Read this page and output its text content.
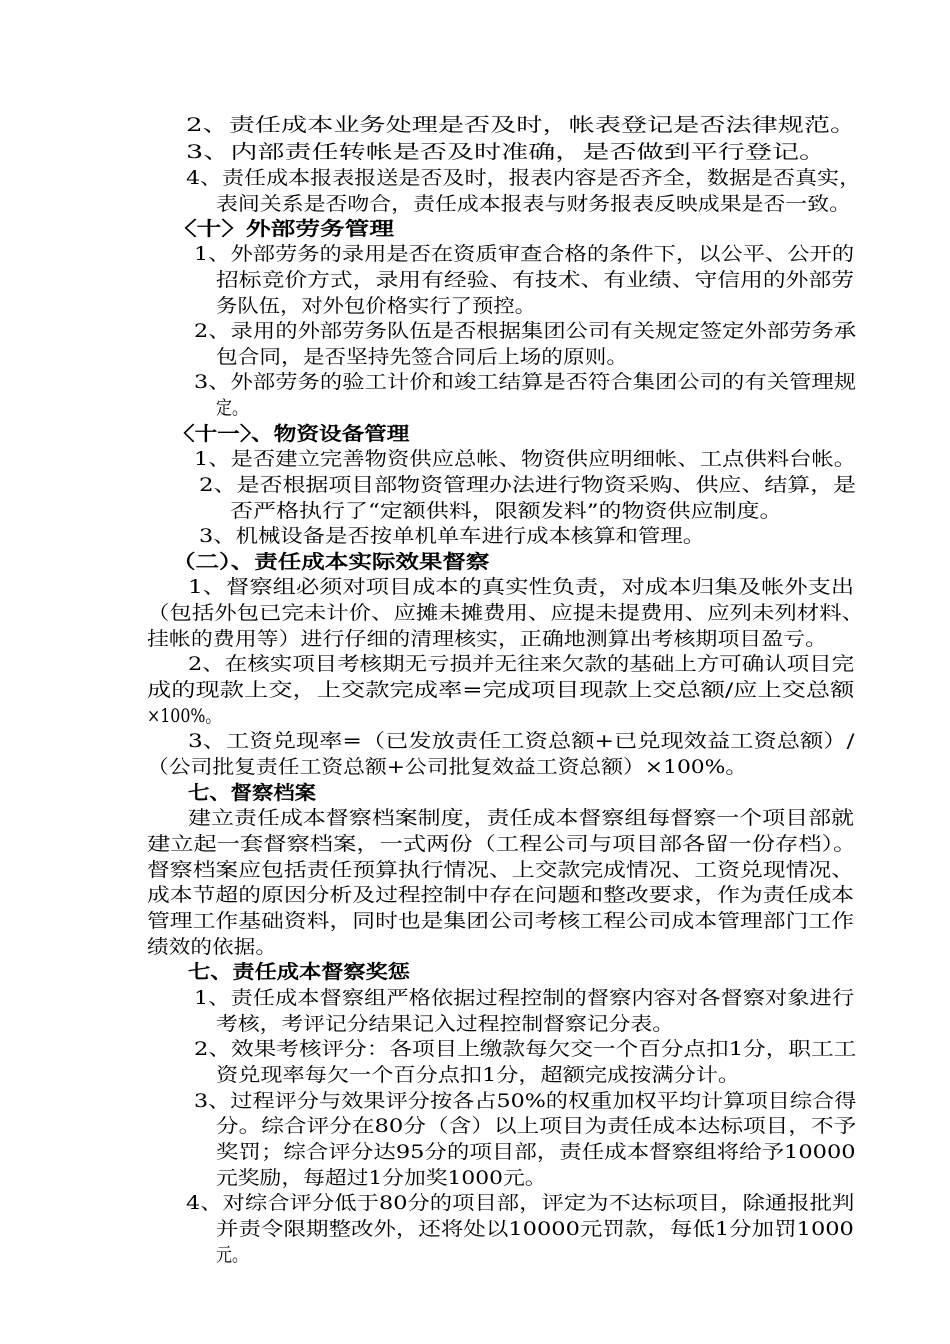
2、责任成本业务处理是否及时，帐表登记是否法律规范。
3、内部责任转帐是否及时准确，是否做到平行登记。
4、责任成本报表报送是否及时，报表内容是否齐全，数据是否真实，
表间关系是否吻合，责任成本报表与财务报表反映成果是否一致。
〈十〉外部劳务管理
1、外部劳务的录用是否在资质审查合格的条件下，以公平、公开的
招标竞价方式，录用有经验、有技术、有业绩、守信用的外部劳
务队伍，对外包价格实行了预控。
2、录用的外部劳务队伍是否根据集团公司有关规定签定外部劳务承
包合同，是否坚持先签合同后上场的原则。
3、外部劳务的验工计价和竣工结算是否符合集团公司的有关管理规
定。
〈十一〉、物资设备管理
1、是否建立完善物资供应总帐、物资供应明细帐、工点供料台帐。
2、是否根据项目部物资管理办法进行物资采购、供应、结算，是
否严格执行了“定额供料，限额发料”的物资供应制度。
3、机械设备是否按单机单车进行成本核算和管理。
（二）、责任成本实际效果督察
1、督察组必须对项目成本的真实性负责，对成本归集及帐外支出
（包括外包已完未计价、应摊未摊费用、应提未提费用、应列未列材料、
挂帐的费用等）进行仔细的清理核实，正确地测算出考核期项目盈亏。
2、在核实项目考核期无亏损并无往来欠款的基础上方可确认项目完
成的现款上交，上交款完成率=完成项目现款上交总额/应上交总额
×100%。
3、工资兑现率=（已发放责任工资总额+已兑现效益工资总额）/
（公司批复责任工资总额+公司批复效益工资总额）×100%。
七、督察档案
建立责任成本督察档案制度，责任成本督察组每督察一个项目部就
建立起一套督察档案，一式两份（工程公司与项目部各留一份存档）。
督察档案应包括责任预算执行情况、上交款完成情况、工资兑现情况、
成本节超的原因分析及过程控制中存在问题和整改要求，作为责任成本
管理工作基础资料，同时也是集团公司考核工程公司成本管理部门工作
绩效的依据。
七、责任成本督察奖惩
1、责任成本督察组严格依据过程控制的督察内容对各督察对象进行
考核，考评记分结果记入过程控制督察记分表。
2、效果考核评分：各项目上缴款每欠交一个百分点扣1分，职工工
资兑现率每欠一个百分点扣1分，超额完成按满分计。
3、过程评分与效果评分按各占50%的权重加权平均计算项目综合得
分。综合评分在80分（含）以上项目为责任成本达标项目，不予
奖罚；综合评分达95分的项目部，责任成本督察组将给予10000
元奖励，每超过1分加奖1000元。
4、对综合评分低于80分的项目部，评定为不达标项目，除通报批判
并责令限期整改外，还将处以10000元罚款，每低1分加罚1000
元。
